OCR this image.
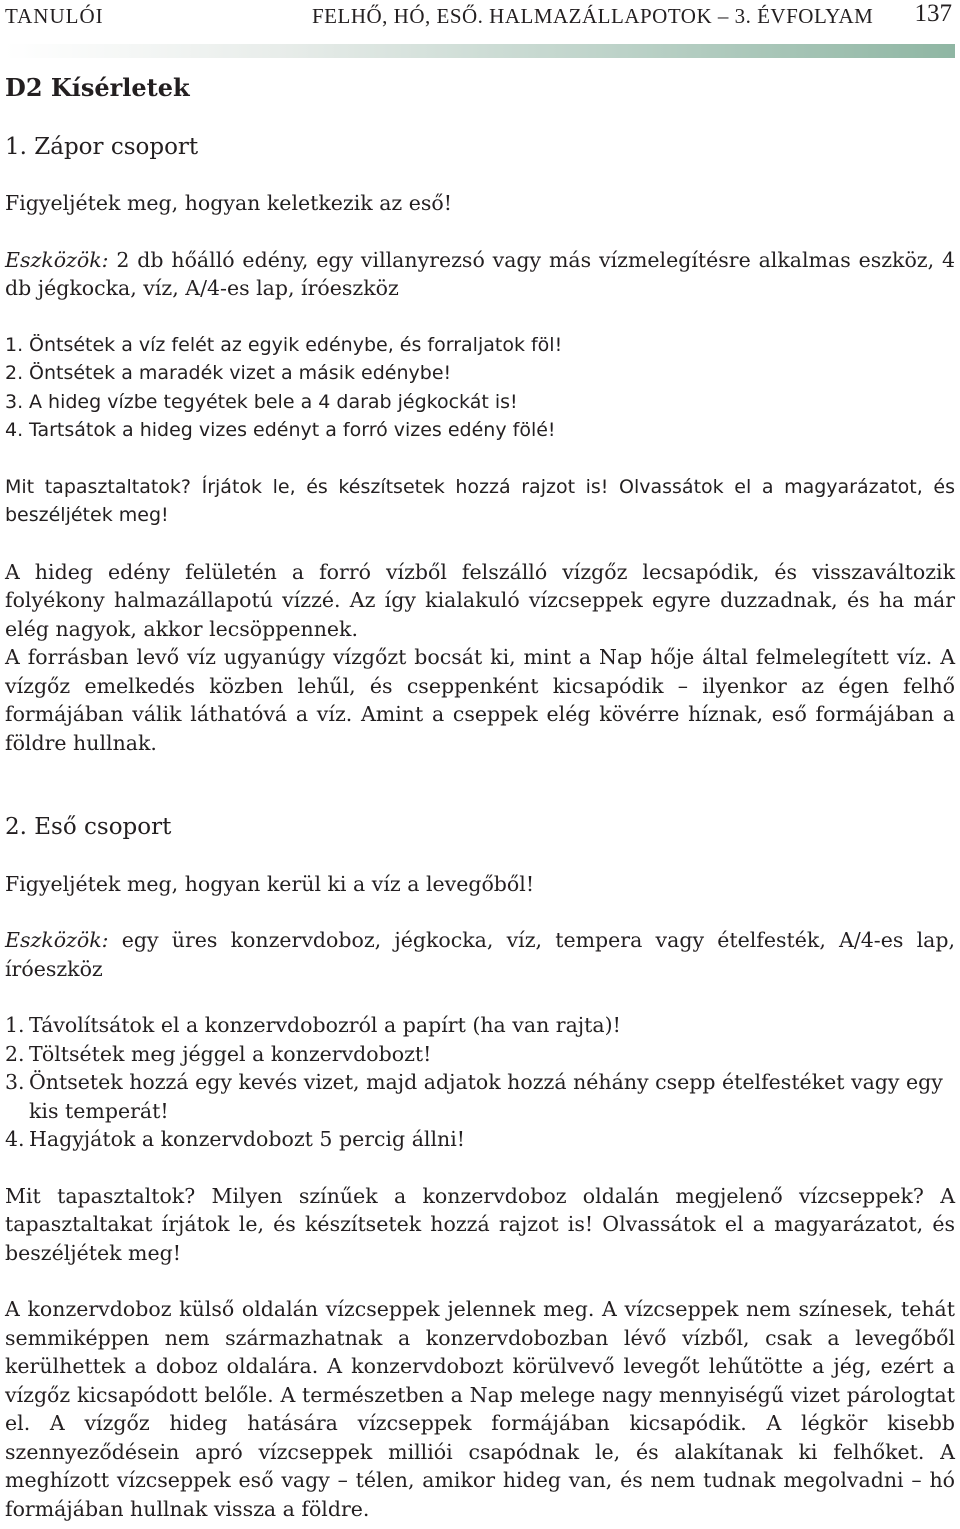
TANULÓI	FELHŐ, HÓ, ESŐ. HALMAZÁLLAPOTOK – 3. ÉVFOLYAM 137
D2 Kísérletek
1. Zápor csoport

Figyeljétek meg, hogyan keletkezik az eső!

Eszközök: 2 db hőálló edény, egy villanyrezsó vagy más vízmelegítésre alkalmas eszköz, 4 db jégkocka, víz, A/4-es lap, íróeszköz

1. Öntsétek a víz felét az egyik edénybe, és forraljatok föl!
2. Öntsétek a maradék vizet a másik edénybe!
3. A hideg vízbe tegyétek bele a 4 darab jégkockát is!
4. Tartsátok a hideg vizes edényt a forró vizes edény fölé!

Mit tapasztaltatok? Írjátok le, és készítsetek hozzá rajzot is! Olvassátok el a magyarázatot, és beszéljétek meg!

A hideg edény felületén a forró vízből felszálló vízgőz lecsapódik, és visszaváltozik folyékony halmazállapotú vízzé. Az így kialakuló vízcseppek egyre duzzadnak, és ha már elég nagyok, akkor lecsöppennek.

A forrásban levő víz ugyanúgy vízgőzt bocsát ki, mint a Nap hője által felmelegített víz. A vízgőz emelkedés közben lehűl, és cseppenként kicsapódik – ilyenkor az égen felhő formájában válik láthatóvá a víz. Amint a cseppek elég kövérre híznak, eső formájában a földre hullnak.

2. Eső csoport

Figyeljétek meg, hogyan kerül ki a víz a levegőből!

Eszközök: egy üres konzervdoboz, jégkocka, víz, tempera vagy ételfesték, A/4-es lap, íróeszköz

1. Távolítsátok el a konzervdobozról a papírt (ha van rajta)!
2. Töltsétek meg jéggel a konzervdobozt!
3. Öntsetek hozzá egy kevés vizet, majd adjatok hozzá néhány csepp ételfestéket vagy egy kis temperát!
4. Hagyjátok a konzervdobozt 5 percig állni!

Mit tapasztaltok? Milyen színűek a konzervdoboz oldalán megjelenő vízcseppek? A tapasztaltakat írjátok le, és készítsetek hozzá rajzot is! Olvassátok el a magyarázatot, és beszéljétek meg!

A konzervdoboz külső oldalán vízcseppek jelennek meg. A vízcseppek nem színesek, tehát semmiképpen nem származhatnak a konzervdobozban lévő vízből, csak a levegőből kerülhettek a doboz oldalára. A konzervdobozt körülvevő levegőt lehűtötte a jég, ezért a vízgőz kicsapódott belőle. A természetben a Nap melege nagy mennyiségű vizet párologtat el. A vízgőz hideg hatására vízcseppek formájában kicsapódik. A légkör kisebb szennyeződésein apró vízcseppek milliói csapódnak le, és alakítanak ki felhőket. A meghízott vízcseppek eső vagy – télen, amikor hideg van, és nem tudnak megolvadni – hó formájában hullnak vissza a földre.
